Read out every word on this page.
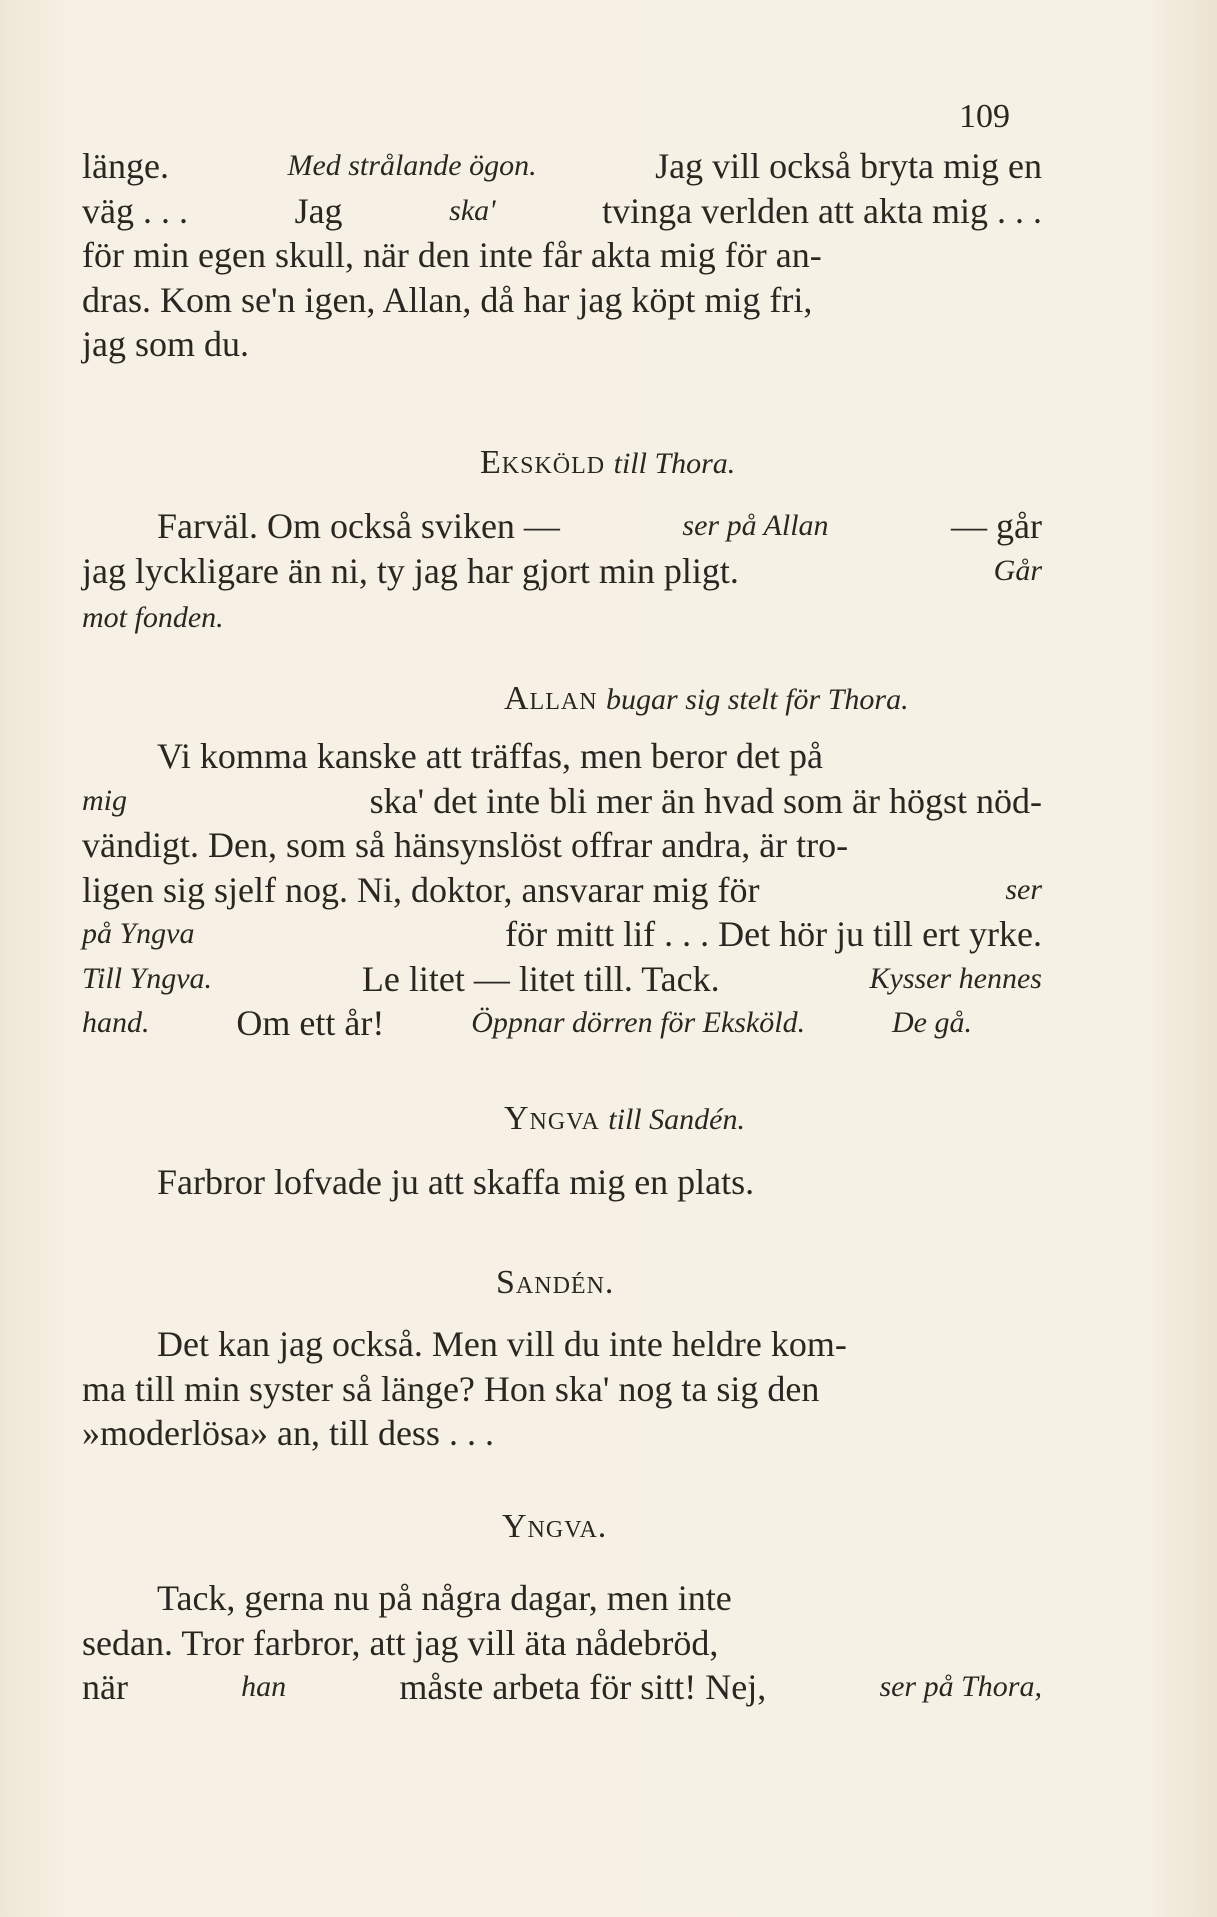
109
länge.	Med strålande ögon.	Jag vill också bryta mig en
väg . . .	Jag	ska'	tvinga verlden att akta mig . . .
för min egen skull, när den inte får akta mig för an-
dras. Kom se'n igen, Allan, då har jag köpt mig fri,
jag som du.
Eksköld till Thora.
Farväl. Om också sviken —	ser på Allan	— går
jag lyckligare än ni, ty jag har gjort min pligt.	Går
mot fonden.
Allan bugar sig stelt för Thora.
Vi komma kanske att träffas, men beror det på
mig	ska' det inte bli mer än hvad som är högst nöd-
vändigt. Den, som så hänsynslöst offrar andra, är tro-
ligen sig sjelf nog. Ni, doktor, ansvarar mig för	ser
på Yngva	för mitt lif . . . Det hör ju till ert yrke.
Till Yngva.	Le litet — litet till. Tack.	Kysser hennes
hand. Om ett år!	Öppnar dörren för Eksköld.	De gå.
Yngva till Sandén.
Farbror lofvade ju att skaffa mig en plats.
Sandén.
Det kan jag också. Men vill du inte heldre kom-
ma till min syster så länge? Hon ska' nog ta sig den
»moderlösa» an, till dess . . .
Yngva.
Tack, gerna nu på några dagar, men inte
sedan. Tror farbror, att jag vill äta nådebröd,
när	han	måste arbeta för sitt! Nej,	ser på Thora,
